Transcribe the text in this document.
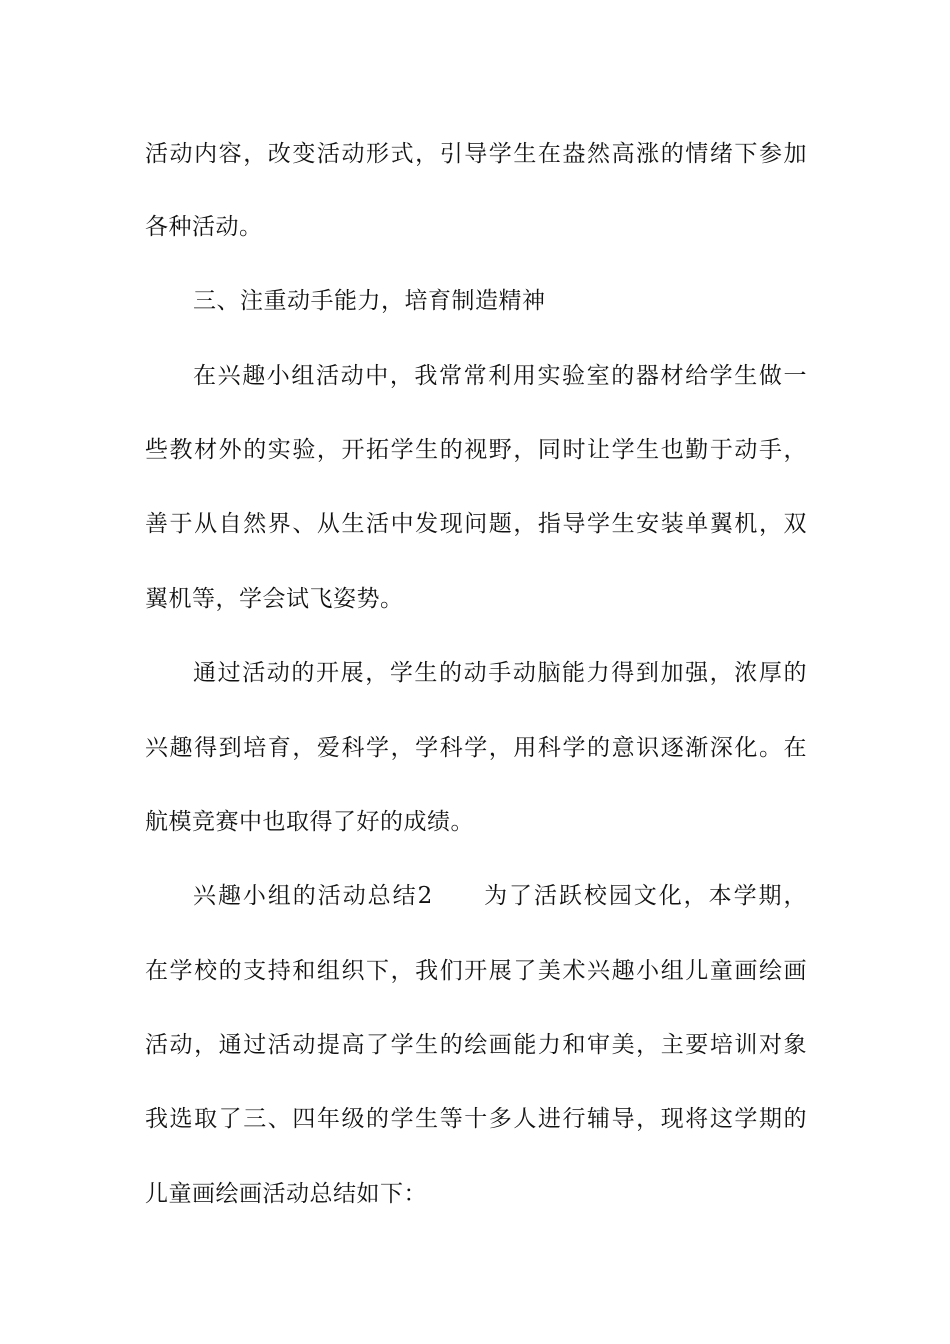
活动内容，改变活动形式，引导学生在盎然高涨的情绪下参加
各种活动。
三、注重动手能力，培育制造精神
在兴趣小组活动中，我常常利用实验室的器材给学生做一
些教材外的实验，开拓学生的视野，同时让学生也勤于动手，
善于从自然界、从生活中发现问题，指导学生安装单翼机，双
翼机等，学会试飞姿势。
通过活动的开展，学生的动手动脑能力得到加强，浓厚的
兴趣得到培育，爱科学，学科学，用科学的意识逐渐深化。在
航模竞赛中也取得了好的成绩。
兴趣小组的活动总结2　　为了活跃校园文化，本学期，
在学校的支持和组织下，我们开展了美术兴趣小组儿童画绘画
活动，通过活动提高了学生的绘画能力和审美，主要培训对象
我选取了三、四年级的学生等十多人进行辅导，现将这学期的
儿童画绘画活动总结如下：
